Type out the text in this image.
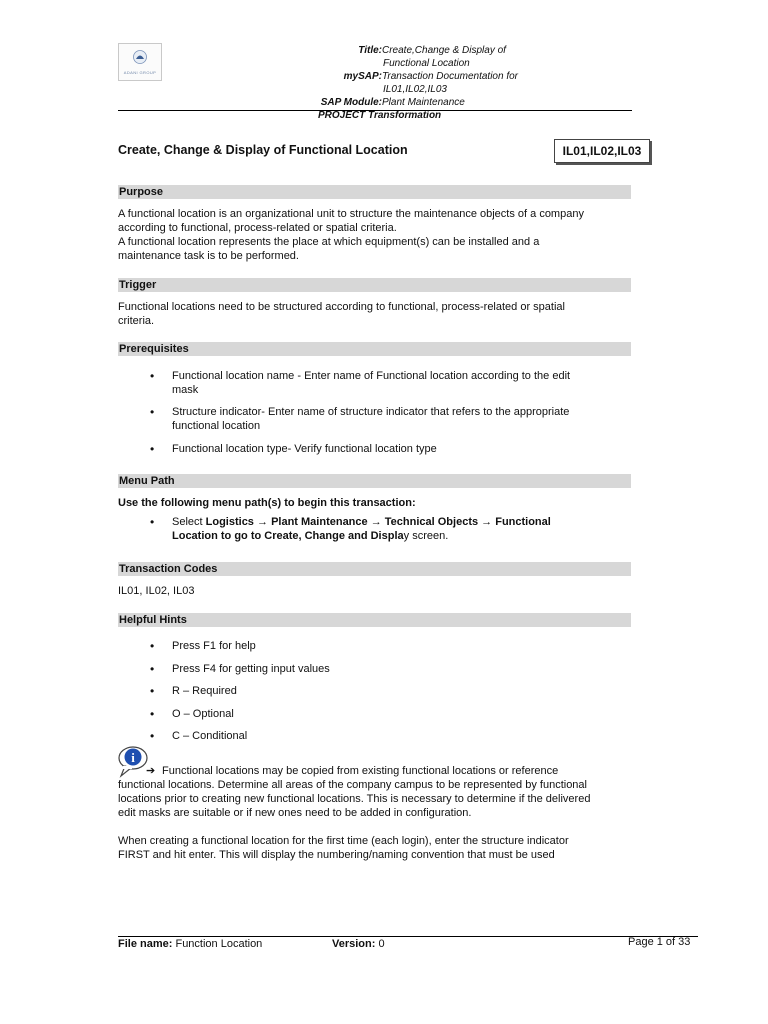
ADANI GROUP
Title:Create,Change & Display of
Functional Location
mySAP:Transaction Documentation for
IL01,IL02,IL03
SAP Module:Plant Maintenance
PROJECT Transformation
Create, Change & Display of Functional Location	IL01,IL02,IL03
Purpose
A functional location is an organizational unit to structure the maintenance objects of a company
according to functional, process-related or spatial criteria.
A functional location represents the place at which equipment(s) can be installed and a
maintenance task is to be performed.
Trigger
Functional locations need to be structured according to functional, process-related or spatial
criteria.
Prerequisites
• Functional location name - Enter name of Functional location according to the edit
mask
• Structure indicator- Enter name of structure indicator that refers to the appropriate
functional location
• Functional location type- Verify functional location type
Menu Path
Use the following menu path(s) to begin this transaction:
• Select Logistics → Plant Maintenance → Technical Objects → Functional
Location to go to Create, Change and Display screen.
Transaction Codes
IL01, IL02, IL03
Helpful Hints
• Press F1 for help
• Press F4 for getting input values
• R – Required
• O – Optional
• C – Conditional
i
➔ Functional locations may be copied from existing functional locations or reference
functional locations. Determine all areas of the company campus to be represented by functional
locations prior to creating new functional locations. This is necessary to determine if the delivered
edit masks are suitable or if new ones need to be added in configuration.
When creating a functional location for the first time (each login), enter the structure indicator
FIRST and hit enter. This will display the numbering/naming convention that must be used
File name: Function Location	Version: 0	Page 1 of 33
